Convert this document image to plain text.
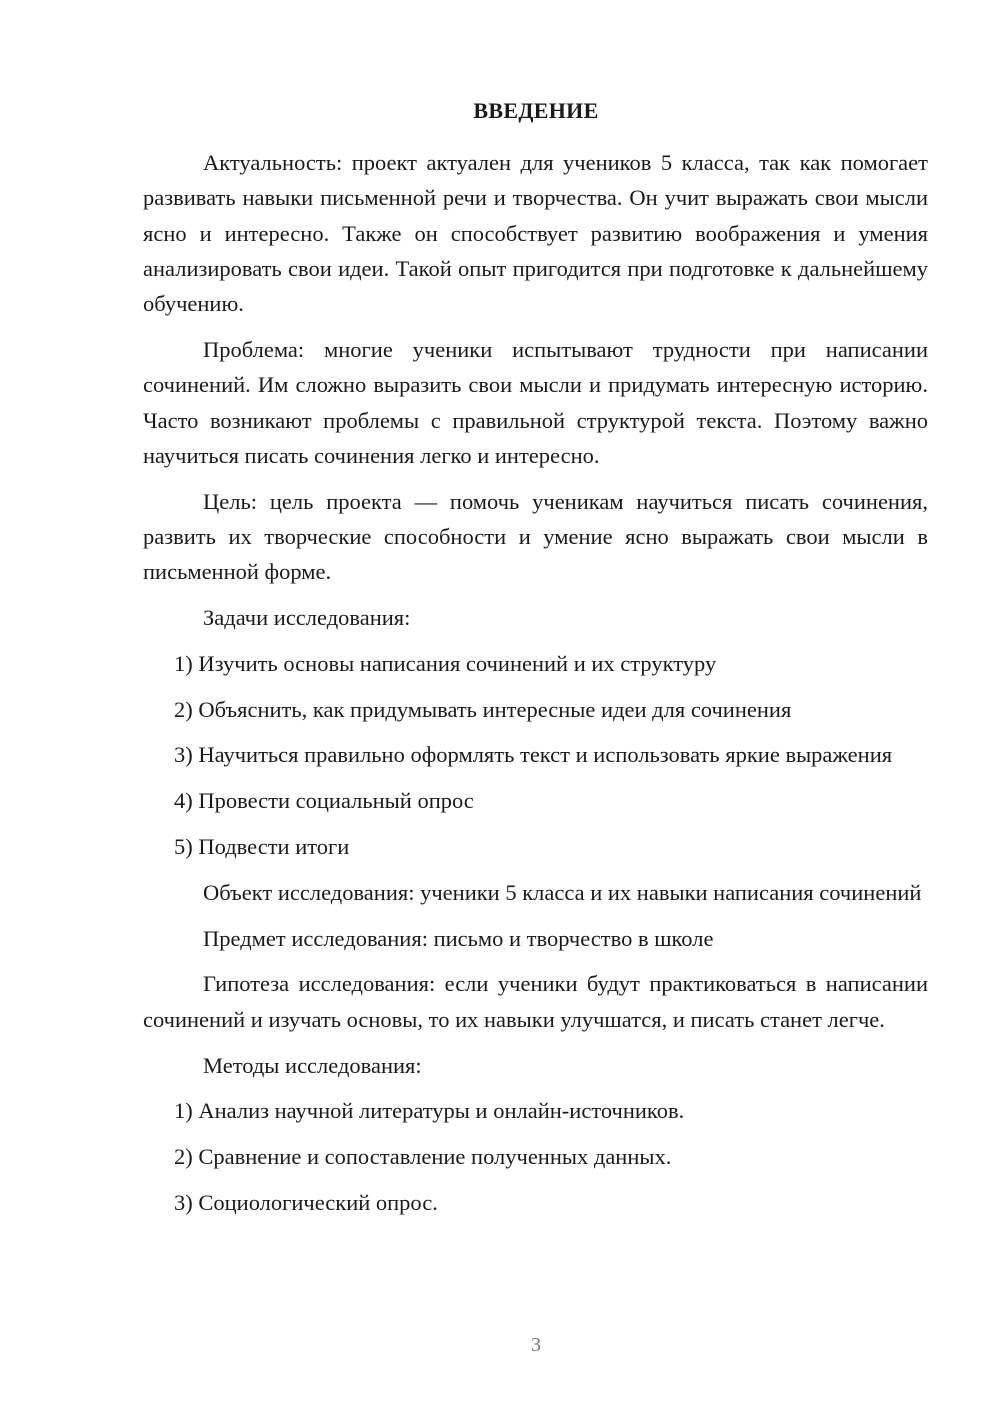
ВВЕДЕНИЕ

Актуальность: проект актуален для учеников 5 класса, так как помогает развивать навыки письменной речи и творчества. Он учит выражать свои мысли ясно и интересно. Также он способствует развитию воображения и умения анализировать свои идеи. Такой опыт пригодится при подготовке к дальнейшему обучению.

Проблема: многие ученики испытывают трудности при написании сочинений. Им сложно выразить свои мысли и придумать интересную историю. Часто возникают проблемы с правильной структурой текста. Поэтому важно научиться писать сочинения легко и интересно.

Цель: цель проекта — помочь ученикам научиться писать сочинения, развить их творческие способности и умение ясно выражать свои мысли в письменной форме.

Задачи исследования:

1) Изучить основы написания сочинений и их структуру

2) Объяснить, как придумывать интересные идеи для сочинения

3) Научиться правильно оформлять текст и использовать яркие выражения

4) Провести социальный опрос

5) Подвести итоги

Объект исследования: ученики 5 класса и их навыки написания сочинений

Предмет исследования: письмо и творчество в школе

Гипотеза исследования: если ученики будут практиковаться в написании сочинений и изучать основы, то их навыки улучшатся, и писать станет легче.

Методы исследования:

1) Анализ научной литературы и онлайн-источников.

2) Сравнение и сопоставление полученных данных.

3) Социологический опрос.

3
